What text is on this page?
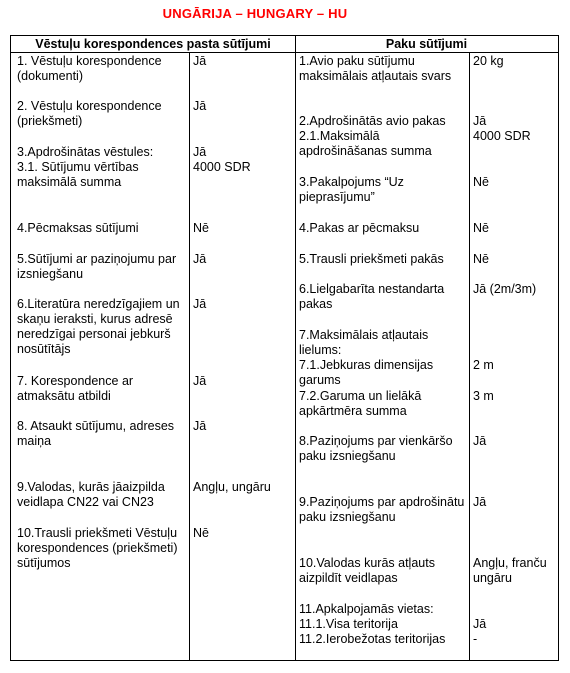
UNGĀRIJA – HUNGARY – HU
Vēstuļu korespondences pasta sūtījumi	Paku sūtījumi
1. Vēstuļu korespondence (dokumenti)
2. Vēstuļu korespondence (priekšmeti)
3.Apdrošinātas vēstules:
3.1. Sūtījumu vērtības maksimālā summa
4.Pēcmaksas sūtījumi
5.Sūtījumi ar paziņojumu par izsniegšanu
6.Literatūra neredzīgajiem un skaņu ieraksti, kurus adresē neredzīgai personai jebkurš nosūtītājs
7. Korespondence ar atmaksātu atbildi
8. Atsaukt sūtījumu, adreses maiņa
9.Valodas, kurās jāaizpilda veidlapa CN22 vai CN23
10.Trausli priekšmeti Vēstuļu korespondences (priekšmeti) sūtījumos
Jā
Jā
Jā
4000 SDR
Nē
Jā
Jā
Jā
Jā
Angļu, ungāru
Nē
1.Avio paku sūtījumu maksimālais atļautais svars
2.Apdrošinātās avio pakas
2.1.Maksimālā apdrošināšanas summa
3.Pakalpojums “Uz pieprasījumu”
4.Pakas ar pēcmaksu
5.Trausli priekšmeti pakās
6.Lielgabarīta nestandarta pakas
7.Maksimālais atļautais lielums:
7.1.Jebkuras dimensijas garums
7.2.Garuma un lielākā apkārtmēra summa
8.Paziņojums par vienkāršo paku izsniegšanu
9.Paziņojums par apdrošinātu paku izsniegšanu
10.Valodas kurās atļauts aizpildīt veidlapas
11.Apkalpojamās vietas:
11.1.Visa teritorija
11.2.Ierobežotas teritorijas
20 kg
Jā
4000 SDR
Nē
Nē
Nē
Jā (2m/3m)
2 m
3 m
Jā
Jā
Angļu, franču ungāru
Jā
-
